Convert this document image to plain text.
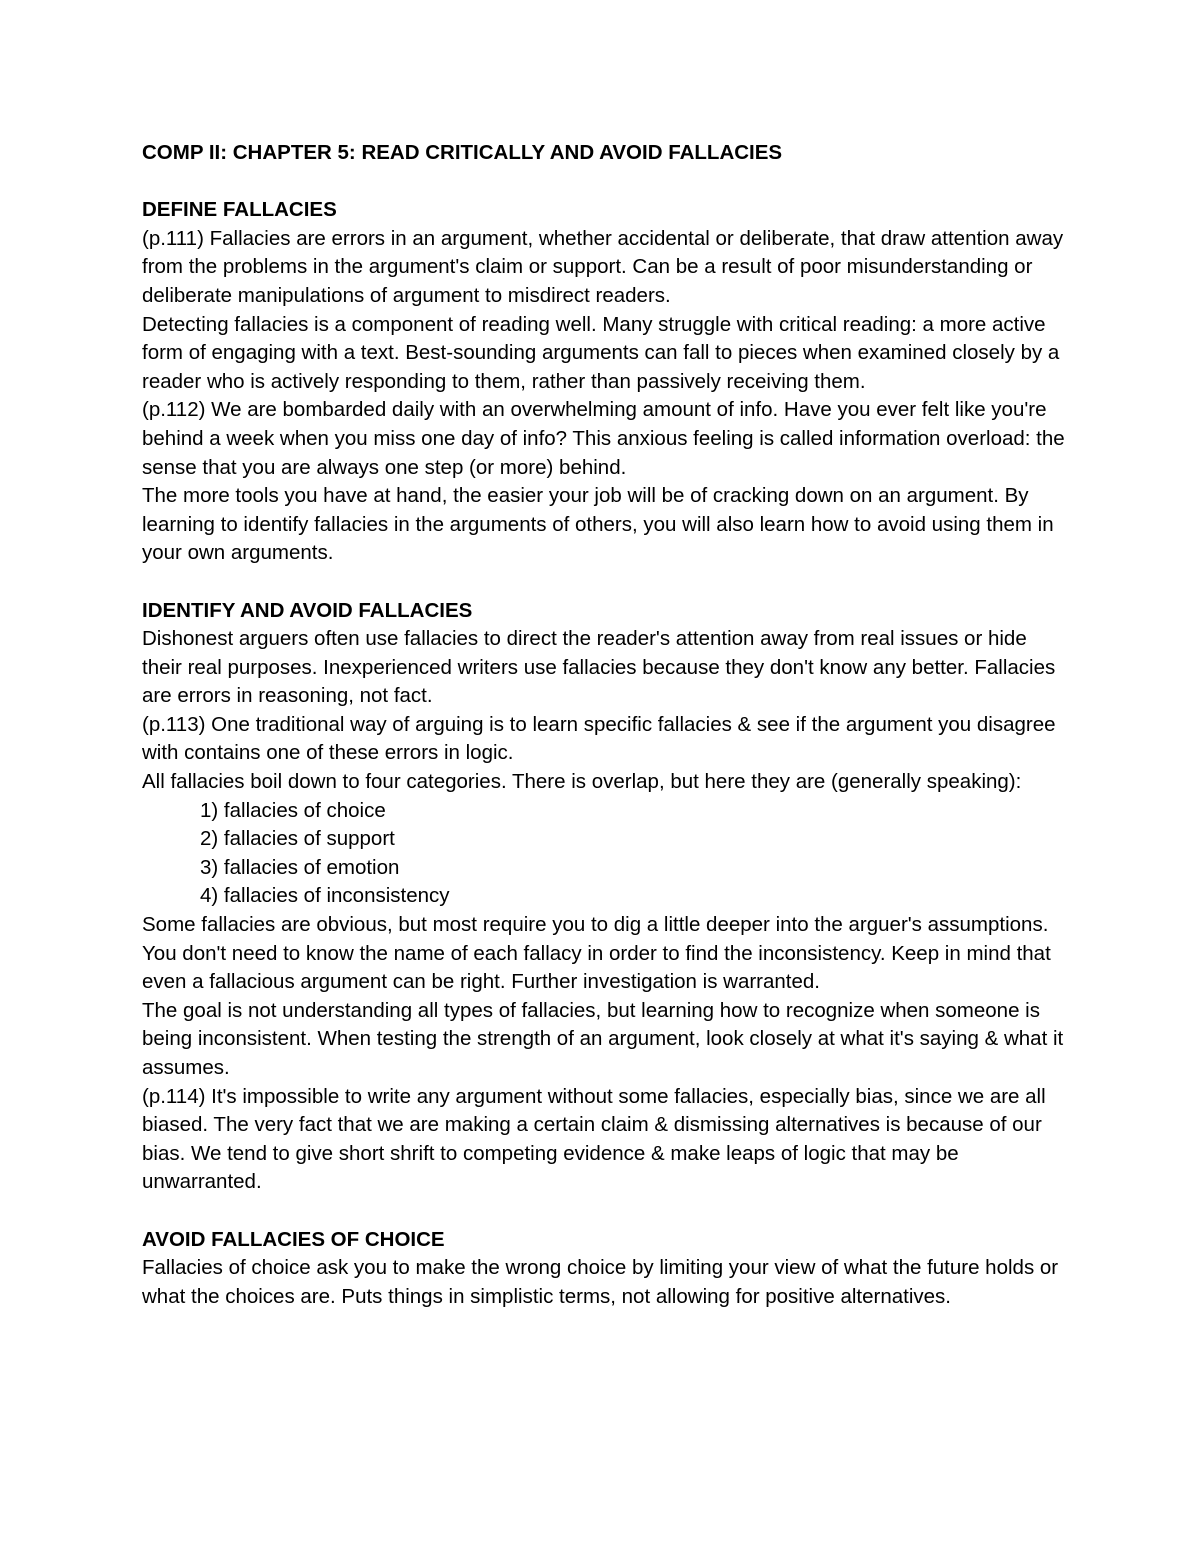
COMP II: CHAPTER 5: READ CRITICALLY AND AVOID FALLACIES

DEFINE FALLACIES

(p.111) Fallacies are errors in an argument, whether accidental or deliberate, that draw attention away from the problems in the argument's claim or support. Can be a result of poor misunderstanding or deliberate manipulations of argument to misdirect readers.

Detecting fallacies is a component of reading well. Many struggle with critical reading: a more active form of engaging with a text. Best-sounding arguments can fall to pieces when examined closely by a reader who is actively responding to them, rather than passively receiving them.

(p.112) We are bombarded daily with an overwhelming amount of info. Have you ever felt like you're behind a week when you miss one day of info? This anxious feeling is called information overload: the sense that you are always one step (or more) behind.

The more tools you have at hand, the easier your job will be of cracking down on an argument. By learning to identify fallacies in the arguments of others, you will also learn how to avoid using them in your own arguments.

IDENTIFY AND AVOID FALLACIES

Dishonest arguers often use fallacies to direct the reader's attention away from real issues or hide their real purposes. Inexperienced writers use fallacies because they don't know any better. Fallacies are errors in reasoning, not fact.

(p.113) One traditional way of arguing is to learn specific fallacies & see if the argument you disagree with contains one of these errors in logic.

All fallacies boil down to four categories. There is overlap, but here they are (generally speaking):

1) fallacies of choice
2) fallacies of support
3) fallacies of emotion
4) fallacies of inconsistency

Some fallacies are obvious, but most require you to dig a little deeper into the arguer's assumptions. You don't need to know the name of each fallacy in order to find the inconsistency. Keep in mind that even a fallacious argument can be right. Further investigation is warranted.

The goal is not understanding all types of fallacies, but learning how to recognize when someone is being inconsistent. When testing the strength of an argument, look closely at what it's saying & what it assumes.

(p.114) It's impossible to write any argument without some fallacies, especially bias, since we are all biased. The very fact that we are making a certain claim & dismissing alternatives is because of our bias. We tend to give short shrift to competing evidence & make leaps of logic that may be unwarranted.

AVOID FALLACIES OF CHOICE

Fallacies of choice ask you to make the wrong choice by limiting your view of what the future holds or what the choices are. Puts things in simplistic terms, not allowing for positive alternatives.
